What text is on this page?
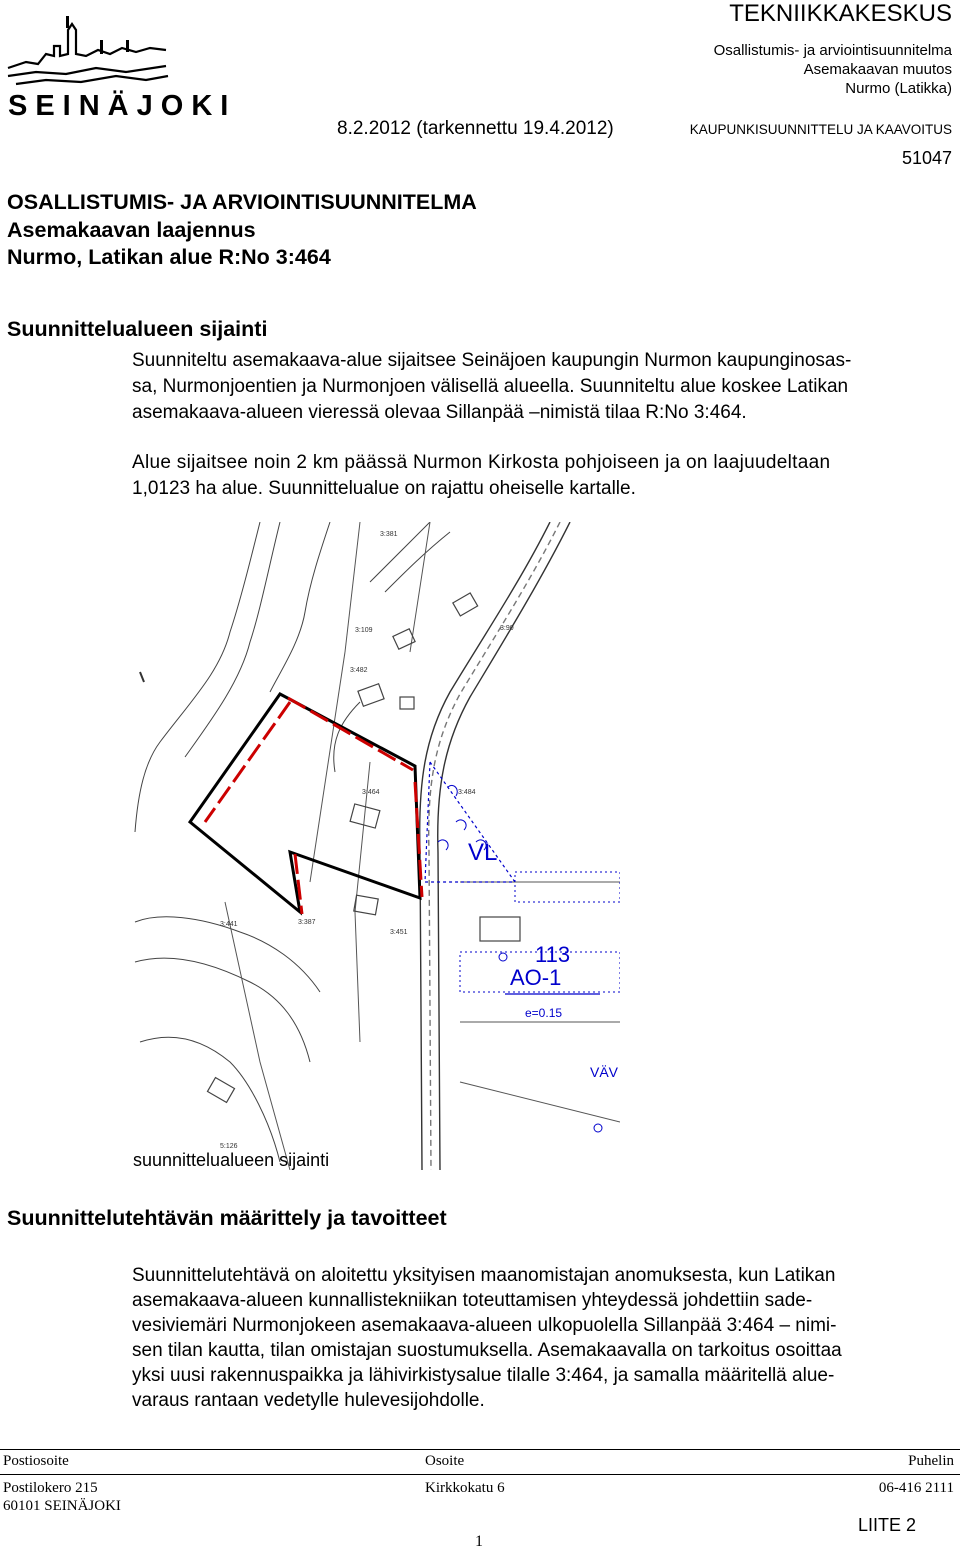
SEINÄJOKI
TEKNIIKKAKESKUS
Osallistumis- ja arviointisuunnitelma
Asemakaavan muutos
Nurmo (Latikka)
8.2.2012 (tarkennettu 19.4.2012)	KAUPUNKISUUNNITTELU JA KAAVOITUS
51047
OSALLISTUMIS- JA ARVIOINTISUUNNITELMA
Asemakaavan laajennus
Nurmo, Latikan alue R:No 3:464
Suunnittelualueen sijainti
Suunniteltu asemakaava-alue sijaitsee Seinäjoen kaupungin Nurmon kaupunginosas-
sa, Nurmonjoentien ja Nurmonjoen välisellä alueella. Suunniteltu alue koskee Latikan
asemakaava-alueen vieressä olevaa Sillanpää –nimistä tilaa R:No 3:464.
Alue sijaitsee noin 2 km päässä Nurmon Kirkosta pohjoiseen ja on laajuudeltaan
1,0123 ha alue. Suunnittelualue on rajattu oheiselle kartalle.
VL
113
AO-1
e=0.15
VÄV
3:464	3:484
3:451
3:109
3:381
3:387
3:482
3:441
5:126
3:90
suunnittelualueen sijainti
Suunnittelutehtävän määrittely ja tavoitteet
Suunnittelutehtävä on aloitettu yksityisen maanomistajan anomuksesta, kun Latikan
asemakaava-alueen kunnallistekniikan toteuttamisen yhteydessä johdettiin sade-
vesiviemäri Nurmonjokeen asemakaava-alueen ulkopuolella Sillanpää 3:464 – nimi-
sen tilan kautta, tilan omistajan suostumuksella. Asemakaavalla on tarkoitus osoittaa
yksi uusi rakennuspaikka ja lähivirkistysalue tilalle 3:464, ja samalla määritellä alue-
varaus rantaan vedetylle hulevesijohdolle.
Postiosoite	Osoite	Puhelin
Postilokero 215
60101 SEINÄJOKI
Kirkkokatu 6	06-416 2111
1
LIITE 2
